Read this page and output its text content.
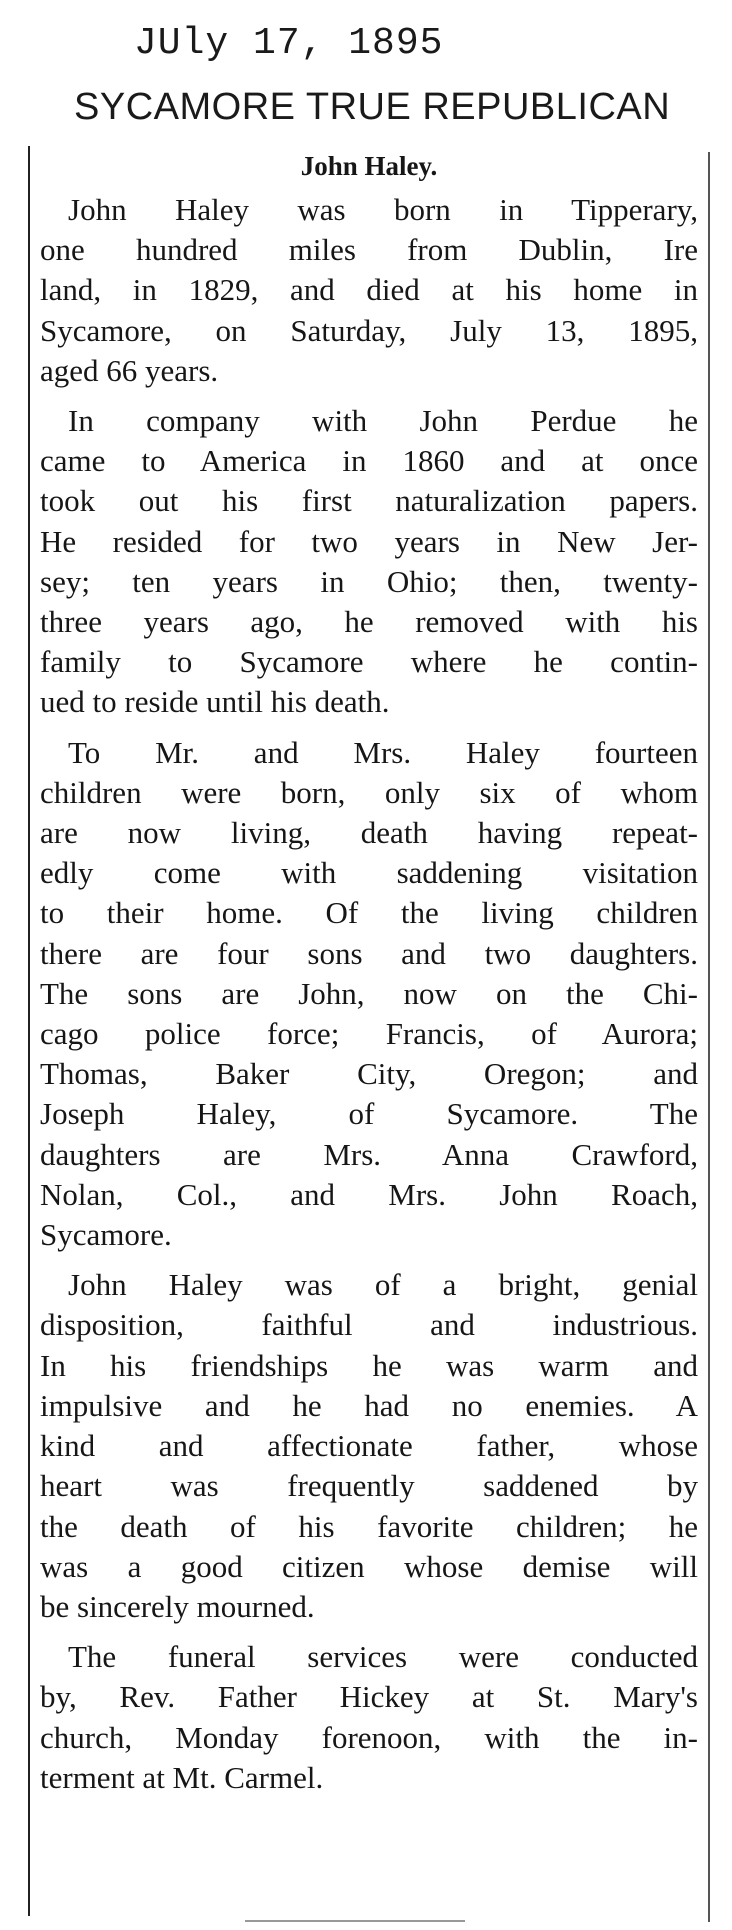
JUly 17, 1895
SYCAMORE TRUE REPUBLICAN
John Haley.
John Haley was born in Tipperary,
one hundred miles from Dublin, Ire
land, in 1829, and died at his home in
Sycamore, on Saturday, July 13, 1895,
aged 66 years.
In company with John Perdue he
came to America in 1860 and at once
took out his first naturalization papers.
He resided for two years in New Jer-
sey; ten years in Ohio; then, twenty-
three years ago, he removed with his
family to Sycamore where he contin-
ued to reside until his death.
To Mr. and Mrs. Haley fourteen
children were born, only six of whom
are now living, death having repeat-
edly come with saddening visitation
to their home. Of the living children
there are four sons and two daughters.
The sons are John, now on the Chi-
cago police force; Francis, of Aurora;
Thomas, Baker City, Oregon; and
Joseph Haley, of Sycamore. The
daughters are Mrs. Anna Crawford,
Nolan, Col., and Mrs. John Roach,
Sycamore.
John Haley was of a bright, genial
disposition, faithful and industrious.
In his friendships he was warm and
impulsive and he had no enemies. A
kind and affectionate father, whose
heart was frequently saddened by
the death of his favorite children; he
was a good citizen whose demise will
be sincerely mourned.
The funeral services were conducted
by, Rev. Father Hickey at St. Mary's
church, Monday forenoon, with the in-
terment at Mt. Carmel.
